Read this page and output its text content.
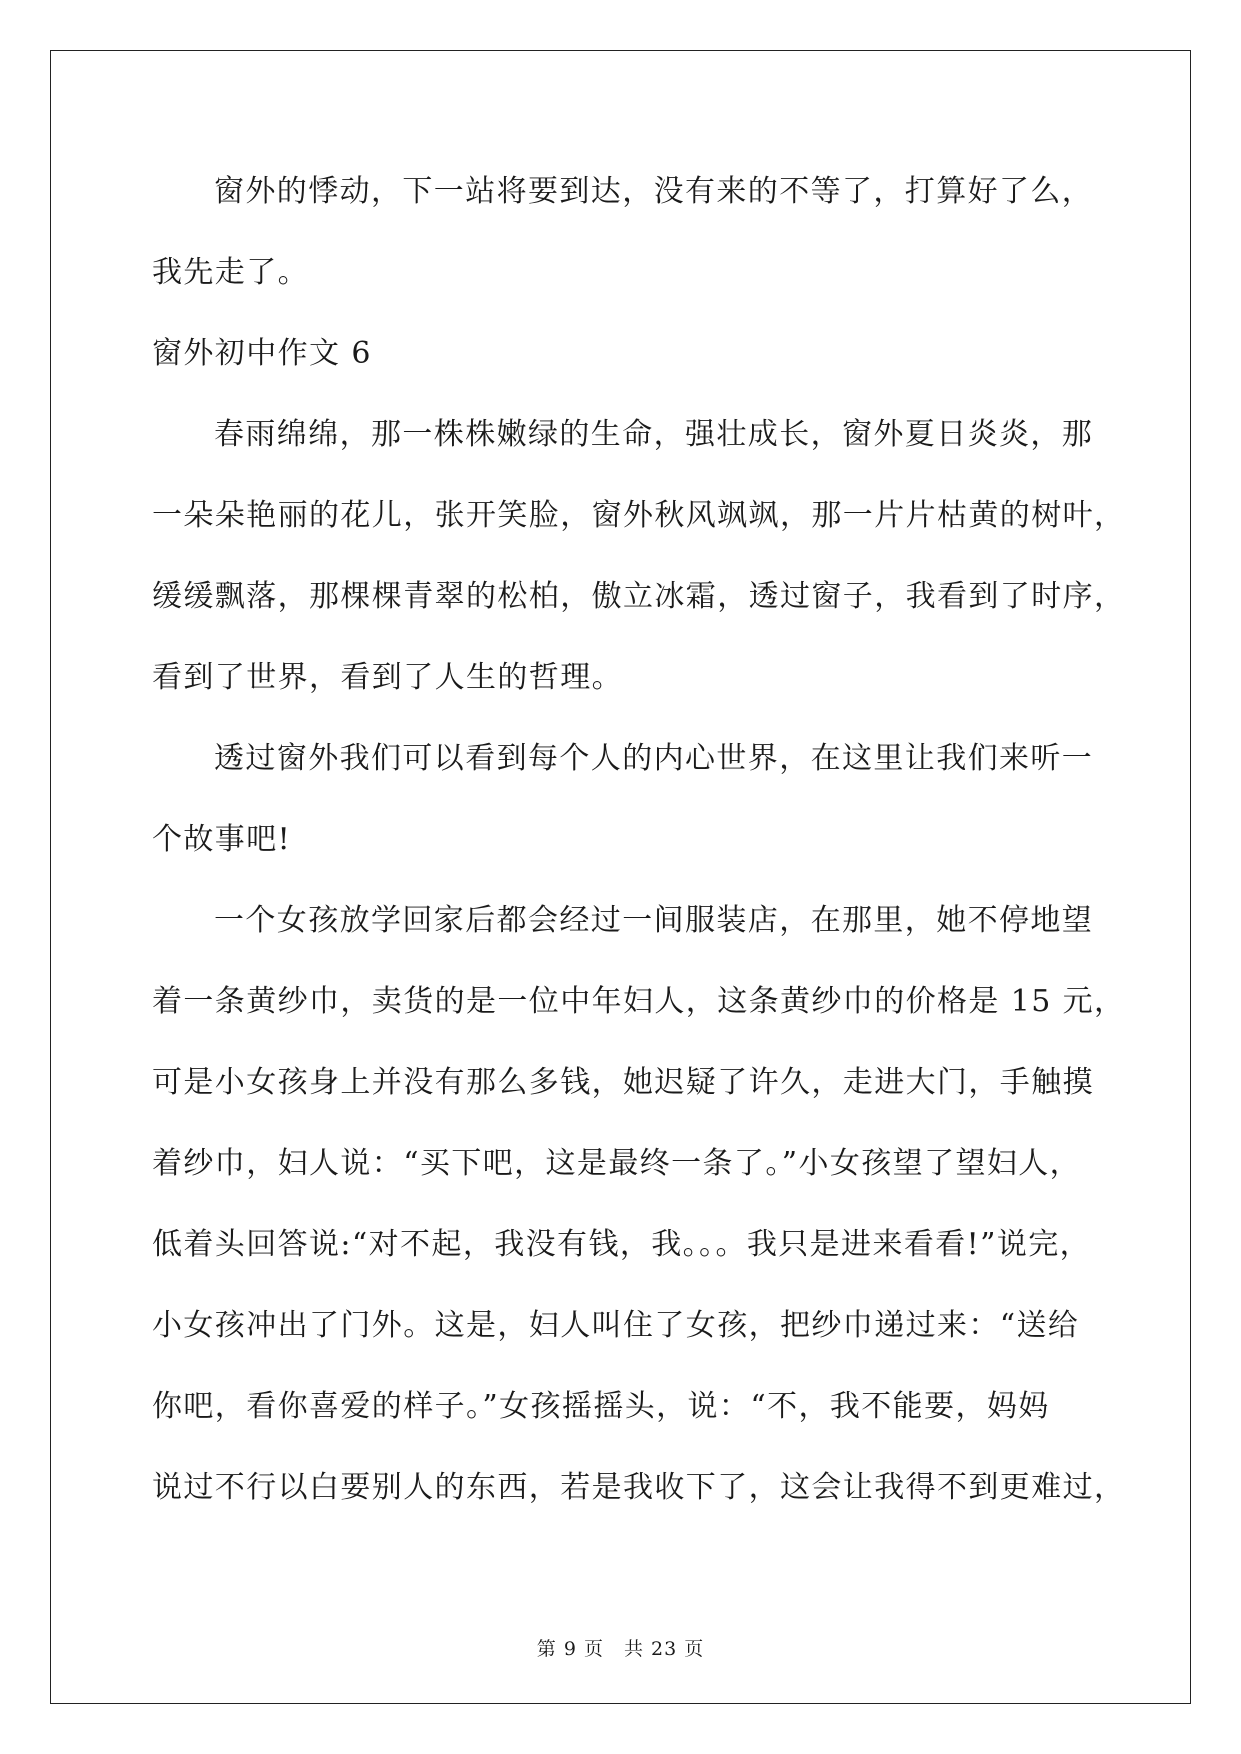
窗外的悸动，下一站将要到达，没有来的不等了，打算好了么，
我先走了。
窗外初中作文 6
春雨绵绵，那一株株嫩绿的生命，强壮成长，窗外夏日炎炎，那
一朵朵艳丽的花儿，张开笑脸，窗外秋风飒飒，那一片片枯黄的树叶，
缓缓飘落，那棵棵青翠的松柏，傲立冰霜，透过窗子，我看到了时序，
看到了世界，看到了人生的哲理。
透过窗外我们可以看到每个人的内心世界，在这里让我们来听一
个故事吧!
一个女孩放学回家后都会经过一间服装店，在那里，她不停地望
着一条黄纱巾，卖货的是一位中年妇人，这条黄纱巾的价格是 15 元，
可是小女孩身上并没有那么多钱，她迟疑了许久，走进大门，手触摸
着纱巾，妇人说：“买下吧，这是最终一条了。”小女孩望了望妇人，
低着头回答说:“对不起，我没有钱，我。。。我只是进来看看!”说完，
小女孩冲出了门外。这是，妇人叫住了女孩，把纱巾递过来：“送给
你吧，看你喜爱的样子。”女孩摇摇头，说：“不，我不能要，妈妈
说过不行以白要别人的东西，若是我收下了，这会让我得不到更难过，
第 9 页　共 23 页
